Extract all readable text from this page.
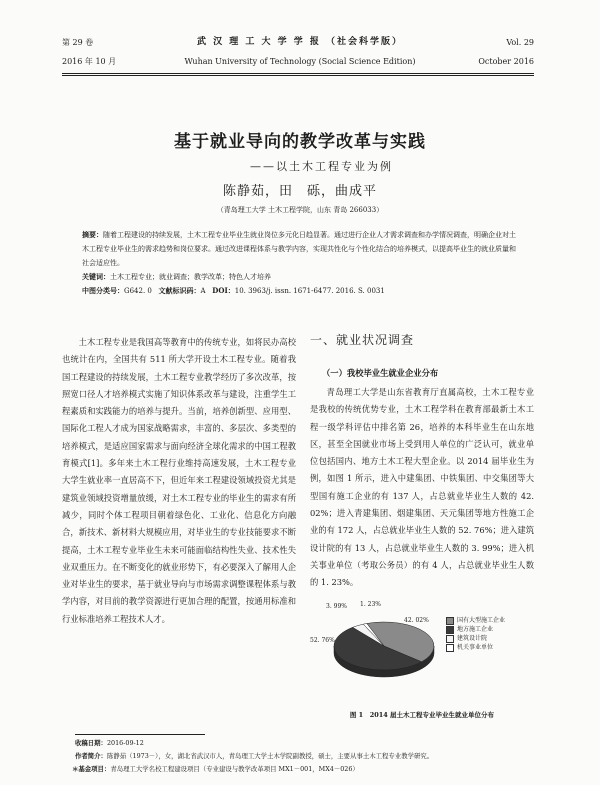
第 29 卷
2016 年 10 月
武 汉 理 工 大 学 学 报 （社会科学版）
Wuhan University of Technology (Social Science Edition)
Vol. 29
October 2016
基于就业导向的教学改革与实践
——以土木工程专业为例
陈静茹，田　砾，曲成平
（青岛理工大学 土木工程学院，山东 青岛 266033）
摘要：随着工程建设的持续发展，土木工程专业毕业生就业岗位多元化日趋显著。通过进行企业人才需求调查和办学情况调查，明确企业对土木工程专业毕业生的需求趋势和岗位要求。通过改进课程体系与教学内容，实现共性化与个性化结合的培养模式，以提高毕业生的就业质量和社会适应性。
关键词：土木工程专业；就业调查；教学改革；特色人才培养
中图分类号：G642. 0 文献标识码：A DOI：10. 3963/j. issn. 1671-6477. 2016. S. 0031

土木工程专业是我国高等教育中的传统专业，如将民办高校也统计在内，全国共有 511 所大学开设土木工程专业。随着我国工程建设的持续发展，土木工程专业教学经历了多次改革，按照宽口径人才培养模式实施了知识体系改革与建设，注重学生工程素质和实践能力的培养与提升。当前，培养创新型、应用型、国际化工程人才成为国家战略需求，丰富的、多层次、多类型的培养模式，是适应国家需求与面向经济全球化需求的中国工程教育模式[1]。多年来土木工程行业维持高速发展，土木工程专业大学生就业率一直居高不下，但近年来工程建设领域投资尤其是建筑业领域投资增量放缓，对土木工程专业的毕业生的需求有所减少，同时个体工程项目朝着绿色化、工业化、信息化方向融合，新技术、新材料大规模应用，对毕业生的专业技能要求不断提高，土木工程专业毕业生未来可能面临结构性失业、技术性失业双重压力。在不断变化的就业形势下，有必要深入了解用人企业对毕业生的要求，基于就业导向与市场需求调整课程体系与教学内容，对目前的教学资源进行更加合理的配置，按通用标准和行业标准培养工程技术人才。

一、就业状况调查
（一）我校毕业生就业企业分布

青岛理工大学是山东省教育厅直属高校，土木工程专业是我校的传统优势专业，土木工程学科在教育部最新土木工程一级学科评估中排名第 26，培养的本科毕业生在山东地区，甚至全国就业市场上受到用人单位的广泛认可，就业单位包括国内、地方土木工程大型企业。以 2014 届毕业生为例，如图 1 所示，进入中建集团、中铁集团、中交集团等大型国有施工企业的有 137 人，占总就业毕业生人数的 42. 02%；进入青建集团、烟建集团、天元集团等地方性施工企业的有 172 人，占总就业毕业生人数的 52. 76%；进入建筑设计院的有 13 人，占总就业毕业生人数的 3. 99%；进入机关事业单位（考取公务员）的有 4 人，占总就业毕业生人数的 1. 23%。

42. 02%
52. 76%
3. 99% 1. 23%
国有大型施工企业
地方施工企业
建筑设计院
机关事业单位
图 1　2014 届土木工程专业毕业生就业单位分布
收稿日期：2016-09-12
作者简介：陈静茹（1973－），女，湖北省武汉市人，青岛理工大学土木学院副教授，硕士，主要从事土木工程专业教学研究。
＊基金项目：青岛理工大学名校工程建设项目（专业建设与教学改革项目 MX1－001，MX4－026）
